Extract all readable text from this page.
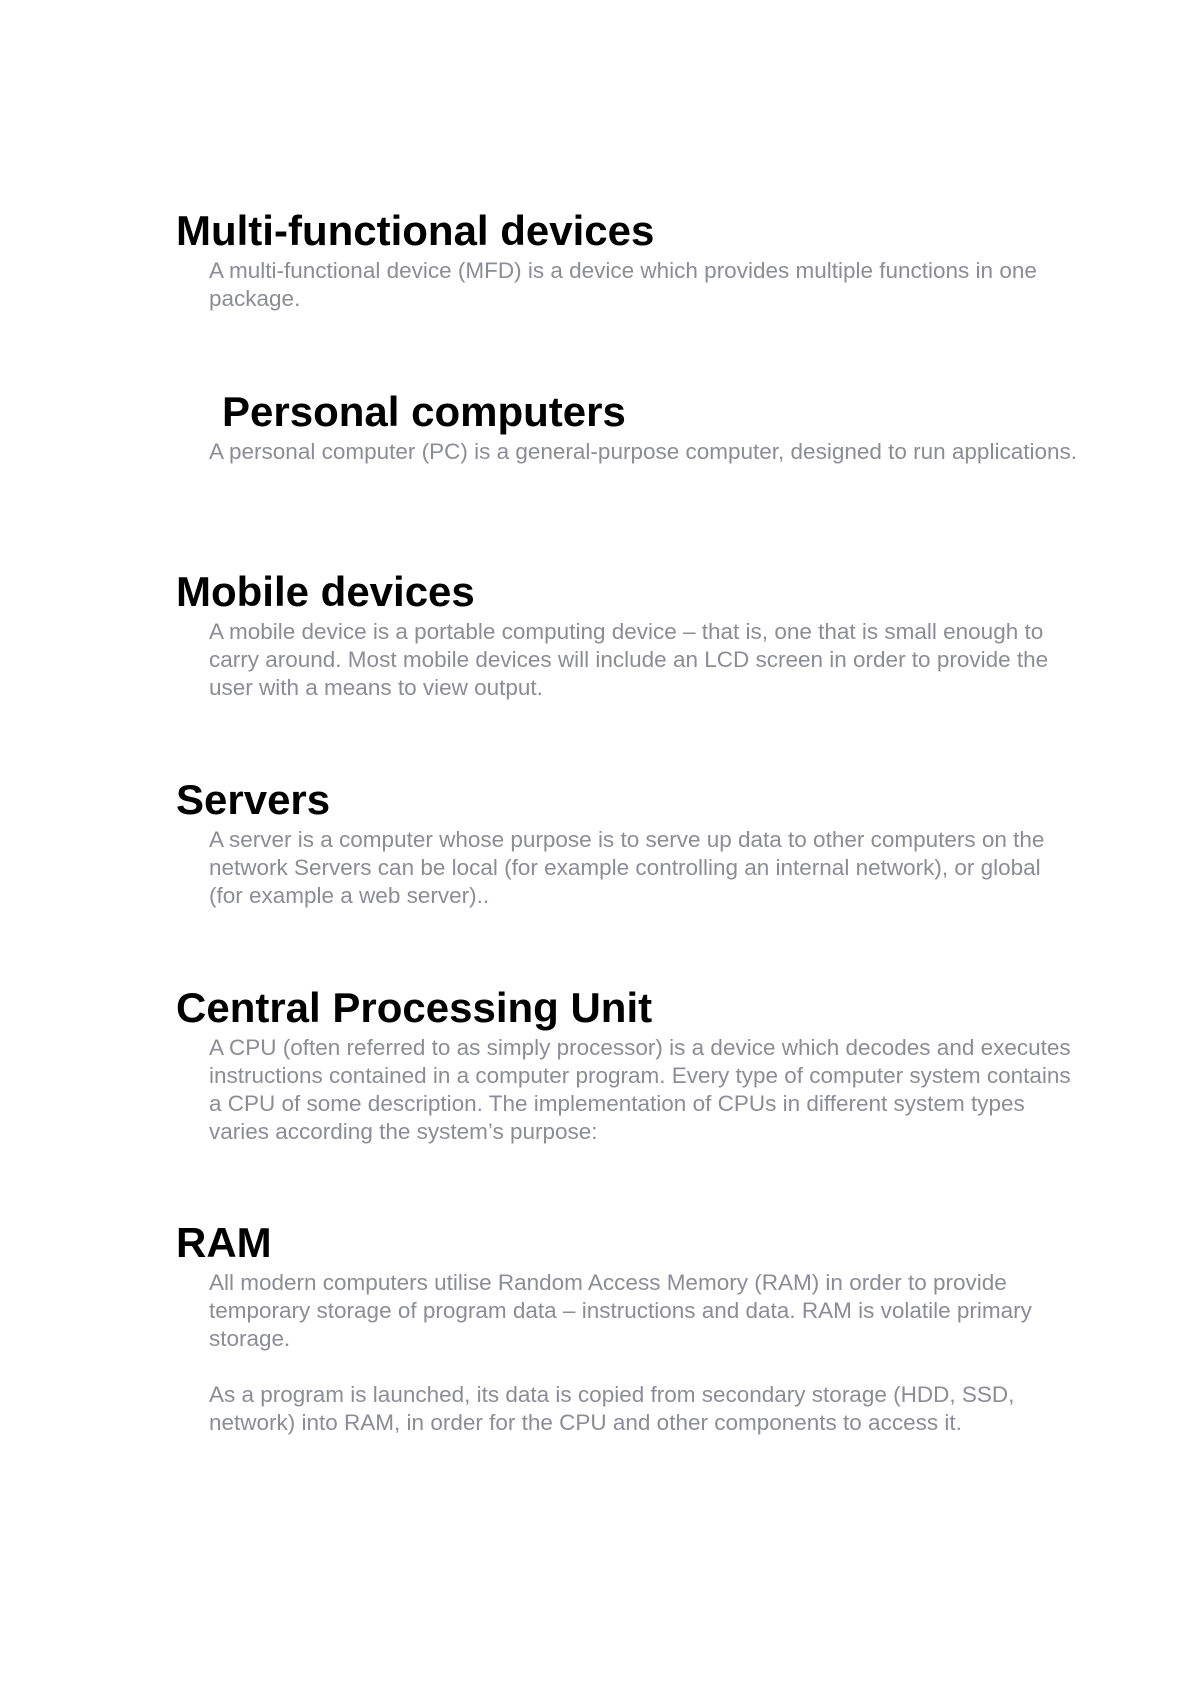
Multi-functional devices

A multi-functional device (MFD) is a device which provides multiple functions in one package.

Personal computers

A personal computer (PC) is a general-purpose computer, designed to run applications.

Mobile devices

A mobile device is a portable computing device – that is, one that is small enough to carry around. Most mobile devices will include an LCD screen in order to provide the user with a means to view output.

Servers

A server is a computer whose purpose is to serve up data to other computers on the network Servers can be local (for example controlling an internal network), or global (for example a web server)..

Central Processing Unit

A CPU (often referred to as simply processor) is a device which decodes and executes instructions contained in a computer program. Every type of computer system contains a CPU of some description. The implementation of CPUs in different system types varies according the system’s purpose:

RAM

All modern computers utilise Random Access Memory (RAM) in order to provide temporary storage of program data – instructions and data. RAM is volatile primary storage.

As a program is launched, its data is copied from secondary storage (HDD, SSD, network) into RAM, in order for the CPU and other components to access it.
